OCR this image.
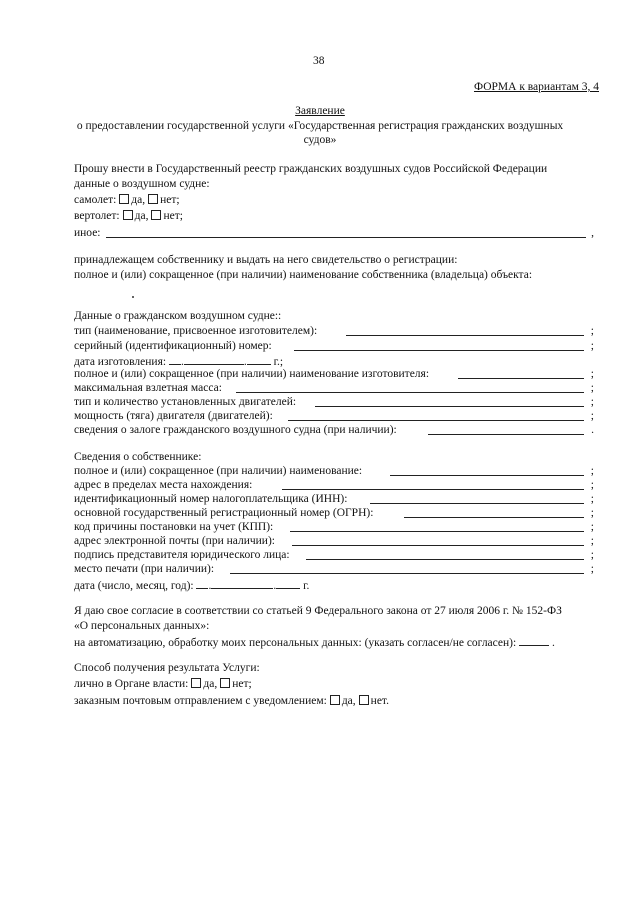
38
ФОРМА к вариантам 3, 4
Заявление
о предоставлении государственной услуги «Государственная регистрация гражданских воздушных
судов»
Прошу внести в Государственный реестр гражданских воздушных судов Российской Федерации
данные о воздушном судне:
самолет: да, нет;
вертолет: да, нет;
иное:	,
принадлежащем собственнику и выдать на него свидетельство о регистрации:
полное и (или) сокращенное (при наличии) наименование собственника (владельца) объекта:
Данные о гражданском воздушном судне::
тип (наименование, присвоенное изготовителем):	;
серийный (идентификационный) номер:	;
дата изготовления: .	. г.;
полное и (или) сокращенное (при наличии) наименование изготовителя:	;
максимальная взлетная масса:	;
тип и количество установленных двигателей:	;
мощность (тяга) двигателя (двигателей):	;
сведения о залоге гражданского воздушного судна (при наличии):	.
Сведения о собственнике:
полное и (или) сокращенное (при наличии) наименование:	;
адрес в пределах места нахождения:	;
идентификационный номер налогоплательщика (ИНН):	;
основной государственный регистрационный номер (ОГРН):	;
код причины постановки на учет (КПП):	;
адрес электронной почты (при наличии):	;
подпись представителя юридического лица:	;
место печати (при наличии):	;
дата (число, месяц, год): .	. г.
Я даю свое согласие в соответствии со статьей 9 Федерального закона от 27 июля 2006 г. № 152-ФЗ
«О персональных данных»:
на автоматизацию, обработку моих персональных данных: (указать согласен/не согласен):	.
Способ получения результата Услуги:
лично в Органе власти: да, нет;
заказным почтовым отправлением с уведомлением: да, нет.
